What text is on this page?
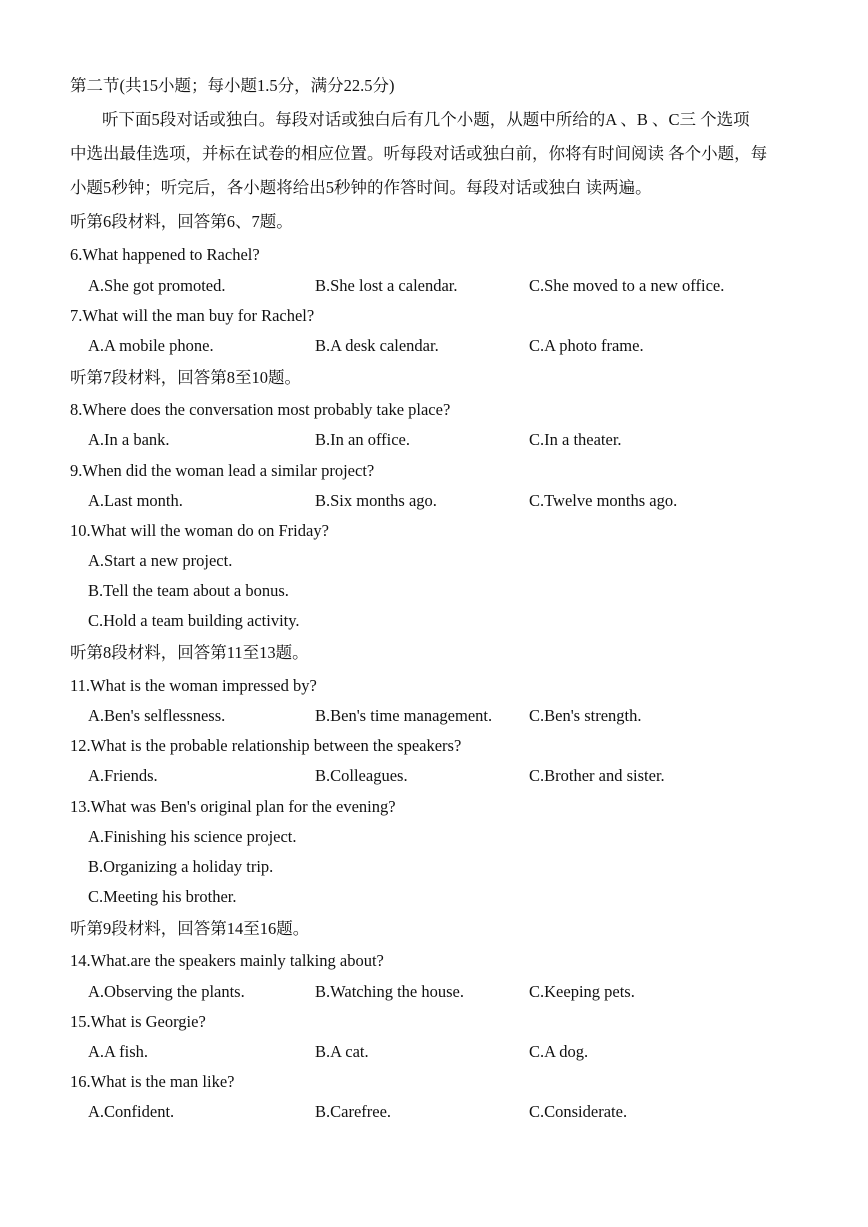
第二节(共15小题；每小题1.5分，满分22.5分)
听下面5段对话或独白。每段对话或独白后有几个小题，从题中所给的A 、B 、C三 个选项
中选出最佳选项，并标在试卷的相应位置。听每段对话或独白前，你将有时间阅读 各个小题，每
小题5秒钟；听完后，各小题将给出5秒钟的作答时间。每段对话或独白 读两遍。
听第6段材料，回答第6、7题。
6.What happened to Rachel?
A.She got promoted.	B.She lost a calendar.	C.She moved to a new office.
7.What will the man buy for Rachel?
A.A mobile phone.	B.A desk calendar.	C.A photo frame.
听第7段材料，回答第8至10题。
8.Where does the conversation most probably take place?
A.In a bank.	B.In an office.	C.In a theater.
9.When did the woman lead a similar project?
A.Last month.	B.Six months ago.	C.Twelve months ago.
10.What will the woman do on Friday?
A.Start a new project.
B.Tell the team about a bonus.
C.Hold a team building activity.
听第8段材料，回答第11至13题。
11.What is the woman impressed by?
A.Ben's selflessness.	B.Ben's time management. C.Ben's strength.
12.What is the probable relationship between the speakers?
A.Friends.	B.Colleagues.	C.Brother and sister.
13.What was Ben's original plan for the evening?
A.Finishing his science project.
B.Organizing a holiday trip.
C.Meeting his brother.
听第9段材料，回答第14至16题。
14.What.are the speakers mainly talking about?
A.Observing the plants.	B.Watching the house.	C.Keeping pets.
15.What is Georgie?
A.A fish.	B.A cat.	C.A dog.
16.What is the man like?
A.Confident.	B.Carefree.	C.Considerate.
